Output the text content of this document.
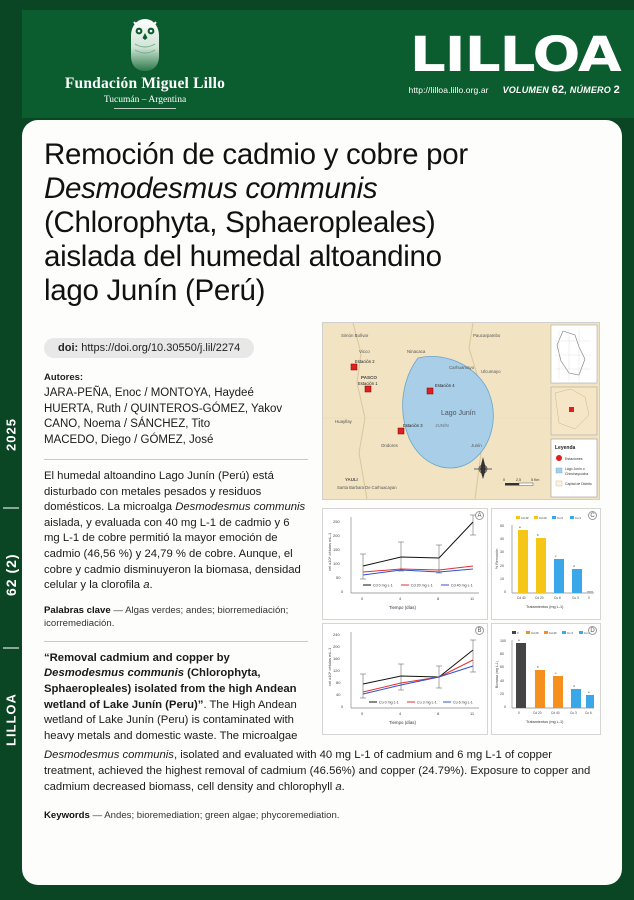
2025
62 (2)
LILLOA
Fundación Miguel Lillo
Tucumán – Argentina
LILLOA
http://lilloa.lillo.org.ar VOLUMEN 62, NÚMERO 2
Remoción de cadmio y cobre por
Desmodesmus communis
(Chlorophyta, Sphaeropleales)
aislada del humedal altoandino
lago Junín (Perú)
doi: https://doi.org/10.30550/j.lil/2274
Autores:
JARA-PEÑA, Enoc / MONTOYA, Haydeé
HUERTA, Ruth / QUINTEROS-GÓMEZ, Yakov
CANO, Noema / SÁNCHEZ, Tito
MACEDO, Diego / GÓMEZ, José
El humedal altoandino Lago Junín (Perú) está disturbado con metales pesados y residuos domésticos. La microalga Desmodesmus communis aislada, y evaluada con 40 mg L-1 de cadmio y 6 mg L-1 de cobre permitió la mayor emoción de cadmio (46,56 %) y 24,79 % de cobre. Aunque, el cobre y cadmio disminuyeron la biomasa, densidad celular y la clorofila a.
Palabras clave — Algas verdes; andes; biorremediación; icorremediación.
“Removal cadmium and copper by Desmodesmus communis (Chlorophyta, Sphaeropleales) isolated from the high Andean wetland of Lake Junín (Peru)”. The High Andean wetland of Lake Junín (Peru) is contaminated with heavy metals and domestic waste. The microalgae
Lago Junín
Estación 2
Estación 1	Estación 4
Estación 3
Simón Bolívar	Paucarpambo
Vicco	Ninacaca
Carhuamayo
Ulcumayo
PASCO
JUNÍN
Huayllay
Ondores	Junín
YAULI
Santa Barbara De Carhuacayan
0	2,5	5 Km
Leyenda
Estaciones
Lago Junín o
Chinchaycocha
Capital de Distrito
A
250
200
150
100
50
0
cel x10⁴ células mL-1
0	4	8	11
Tiempo (días)
Cd 0 mg L-1	Cd 20 mg L-1	Cd 40 mg L-1
C
50
40
30
20
10
0
% Remoción
a
b
c
d
Cd 40	Cd 20	Cu 6	Cu 3	0
Tratamientos (mg L-1)
Cd 40	Cd 20	Cu 6	Cu 3
B
240
200
160
120
80
40
0
cel x10⁴ células mL-1
0	4	8	11
Tiempo (días)
Cu 0 mg L-1	Cu 3 mg L-1	Cu 6 mg L-1
D
100
80
60
40
20
0
Biomasa (mg L-1)
a
b
c
d
e
0	Cd 20	Cd 40	Cu 3	Cu 6
Tratamientos (mg L-1)
0	Cd 20	Cd 40	Cu 3	Cu 6
Desmodesmus communis, isolated and evaluated with 40 mg L-1 of cadmium and 6 mg L-1 of copper treatment, achieved the highest removal of cadmium (46.56%) and copper (24.79%). Exposure to copper and cadmium decreased biomass, cell density and chlorophyll a.
Keywords — Andes; bioremediation; green algae; phycoremediation.
